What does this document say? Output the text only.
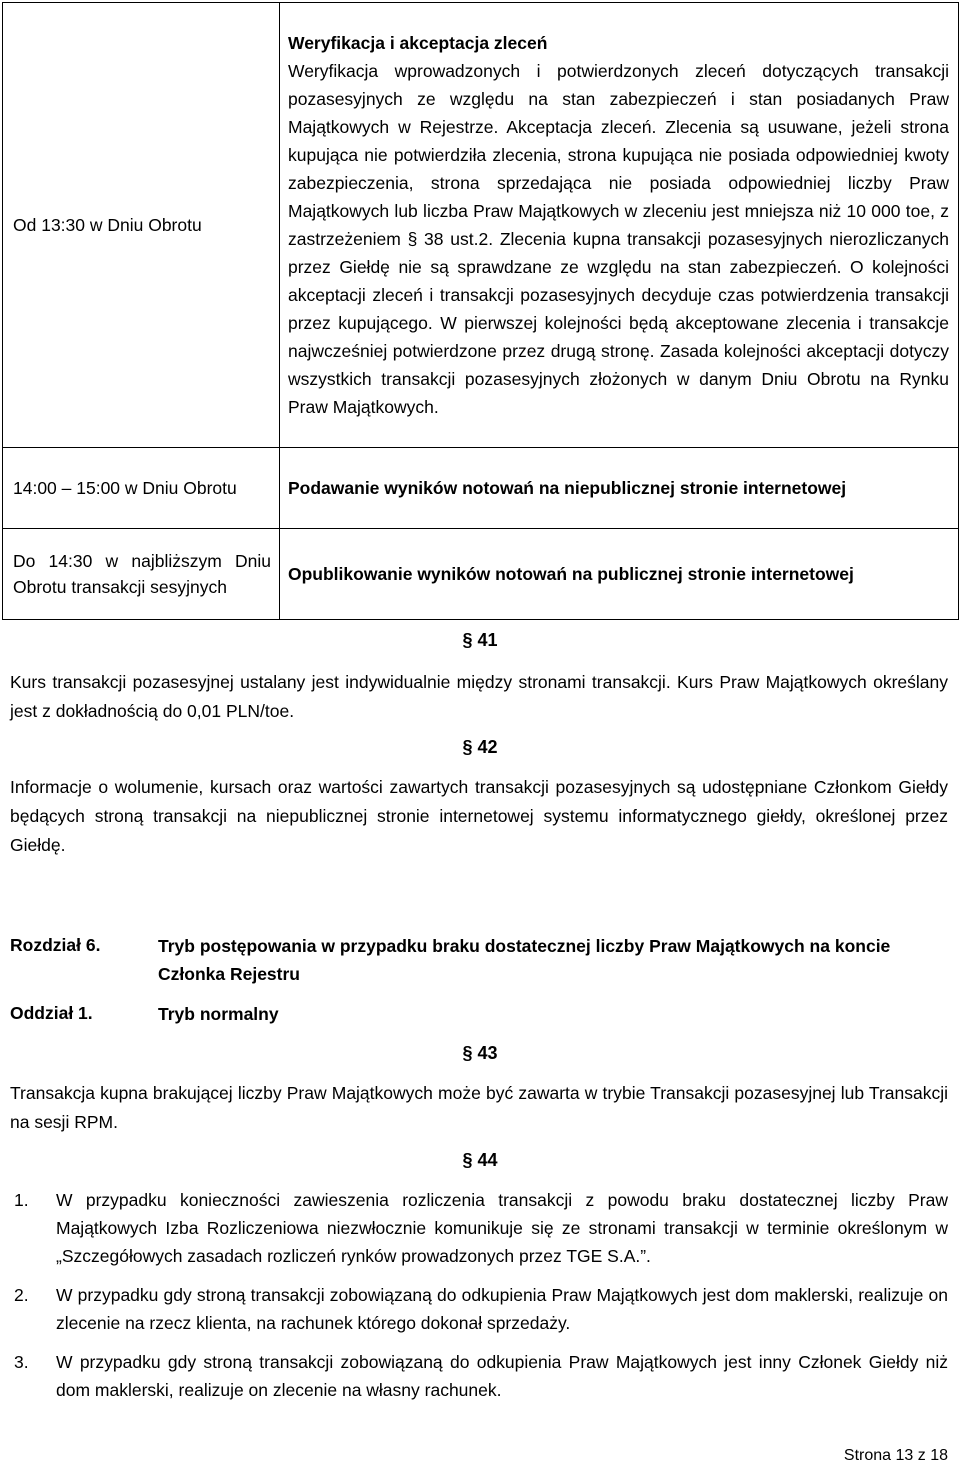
Od 13:30 w Dniu Obrotu	Weryfikacja i akceptacja zleceń
Weryfikacja wprowadzonych i potwierdzonych zleceń dotyczących transakcji pozasesyjnych ze względu na stan zabezpieczeń i stan posiadanych Praw Majątkowych w Rejestrze. Akceptacja zleceń. Zlecenia są usuwane, jeżeli strona kupująca nie potwierdziła zlecenia, strona kupująca nie posiada odpowiedniej kwoty zabezpieczenia, strona sprzedająca nie posiada odpowiedniej liczby Praw Majątkowych lub liczba Praw Majątkowych w zleceniu jest mniejsza niż 10 000 toe, z zastrzeżeniem § 38 ust.2. Zlecenia kupna transakcji pozasesyjnych nierozliczanych przez Giełdę nie są sprawdzane ze względu na stan zabezpieczeń. O kolejności akceptacji zleceń i transakcji pozasesyjnych decyduje czas potwierdzenia transakcji przez kupującego. W pierwszej kolejności będą akceptowane zlecenia i transakcje najwcześniej potwierdzone przez drugą stronę. Zasada kolejności akceptacji dotyczy wszystkich transakcji pozasesyjnych złożonych w danym Dniu Obrotu na Rynku Praw Majątkowych.
14:00 – 15:00 w Dniu Obrotu	Podawanie wyników notowań na niepublicznej stronie internetowej
Do 14:30 w najbliższym Dniu Obrotu transakcji sesyjnych	Opublikowanie wyników notowań na publicznej stronie internetowej
§ 41
Kurs transakcji pozasesyjnej ustalany jest indywidualnie między stronami transakcji. Kurs Praw Majątkowych określany jest z dokładnością do 0,01 PLN/toe.
§ 42
Informacje o wolumenie, kursach oraz wartości zawartych transakcji pozasesyjnych są udostępniane Członkom Giełdy będących stroną transakcji na niepublicznej stronie internetowej systemu informatycznego giełdy, określonej przez Giełdę.
Rozdział 6.	Tryb postępowania w przypadku braku dostatecznej liczby Praw Majątkowych na koncie Członka Rejestru
Oddział 1.	Tryb normalny
§ 43
Transakcja kupna brakującej liczby Praw Majątkowych może być zawarta w trybie Transakcji pozasesyjnej lub Transakcji na sesji RPM.
§ 44
1. W przypadku konieczności zawieszenia rozliczenia transakcji z powodu braku dostatecznej liczby Praw Majątkowych Izba Rozliczeniowa niezwłocznie komunikuje się ze stronami transakcji w terminie określonym w „Szczegółowych zasadach rozliczeń rynków prowadzonych przez TGE S.A.”.
2. W przypadku gdy stroną transakcji zobowiązaną do odkupienia Praw Majątkowych jest dom maklerski, realizuje on zlecenie na rzecz klienta, na rachunek którego dokonał sprzedaży.
3. W przypadku gdy stroną transakcji zobowiązaną do odkupienia Praw Majątkowych jest inny Członek Giełdy niż dom maklerski, realizuje on zlecenie na własny rachunek.
Strona 13 z 18
